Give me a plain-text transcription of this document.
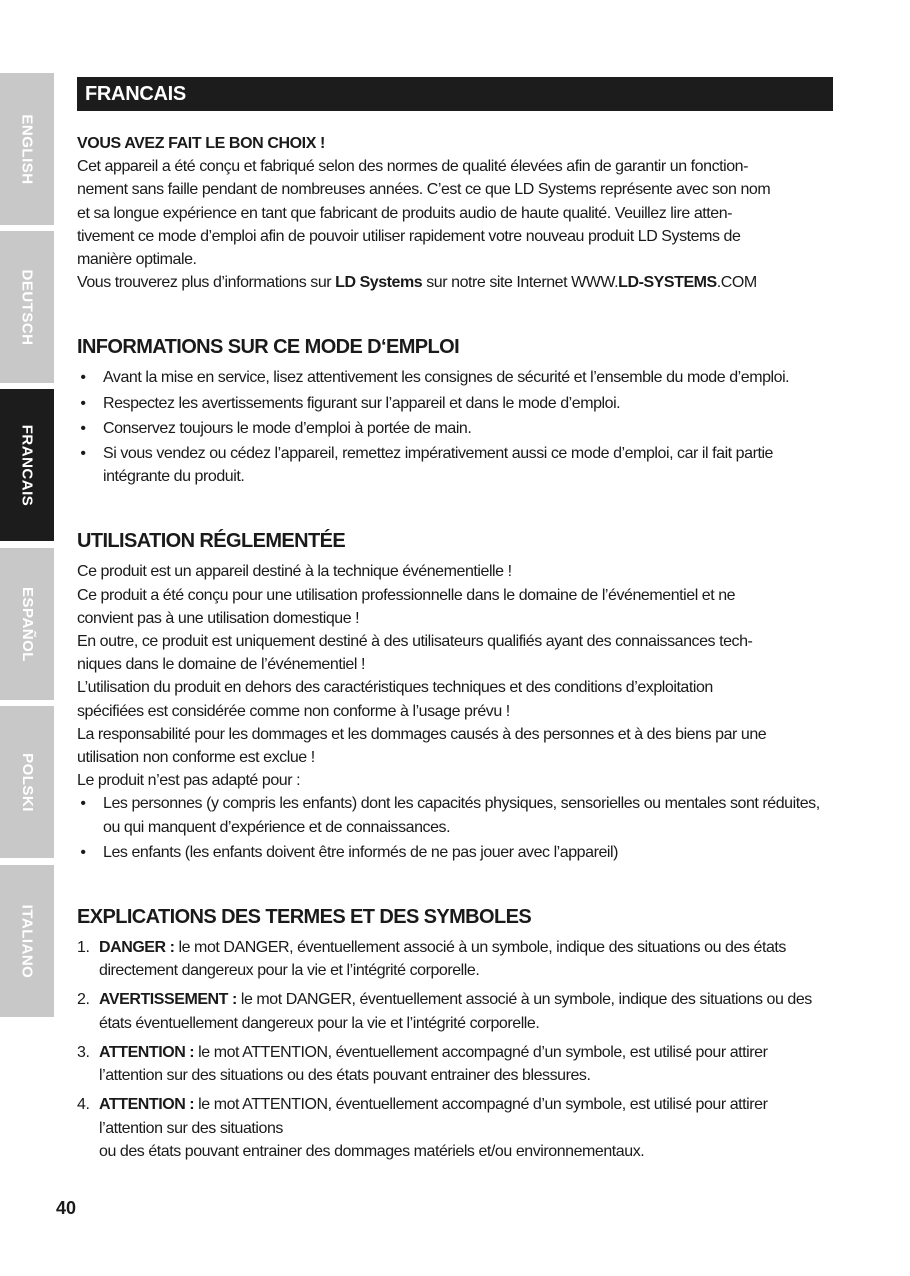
ENGLISH
DEUTSCH
FRANCAIS
ESPAÑOL
POLSKI
ITALIANO
FRANCAIS

VOUS AVEZ FAIT LE BON CHOIX !

Cet appareil a été conçu et fabriqué selon des normes de qualité élevées afin de garantir un fonction-

nement sans faille pendant de nombreuses années. C’est ce que LD Systems représente avec son nom

et sa longue expérience en tant que fabricant de produits audio de haute qualité. Veuillez lire atten-

tivement ce mode d’emploi afin de pouvoir utiliser rapidement votre nouveau produit LD Systems de

manière optimale.

Vous trouverez plus d’informations sur LD Systems sur notre site Internet WWW.LD-SYSTEMS.COM

INFORMATIONS SUR CE MODE D‘EMPLOI
• Avant la mise en service, lisez attentivement les consignes de sécurité et l’ensemble du mode d’emploi.
• Respectez les avertissements figurant sur l’appareil et dans le mode d’emploi.
• Conservez toujours le mode d’emploi à portée de main.
• Si vous vendez ou cédez l’appareil, remettez impérativement aussi ce mode d’emploi, car il fait partie intégrante du produit.
UTILISATION RÉGLEMENTÉE

Ce produit est un appareil destiné à la technique événementielle !

Ce produit a été conçu pour une utilisation professionnelle dans le domaine de l’événementiel et ne

convient pas à une utilisation domestique !

En outre, ce produit est uniquement destiné à des utilisateurs qualifiés ayant des connaissances tech-

niques dans le domaine de l’événementiel !

L’utilisation du produit en dehors des caractéristiques techniques et des conditions d’exploitation

spécifiées est considérée comme non conforme à l’usage prévu !

La responsabilité pour les dommages et les dommages causés à des personnes et à des biens par une

utilisation non conforme est exclue !

Le produit n’est pas adapté pour :

• Les personnes (y compris les enfants) dont les capacités physiques, sensorielles ou mentales sont réduites, ou qui manquent d’expérience et de connaissances.
• Les enfants (les enfants doivent être informés de ne pas jouer avec l’appareil)
EXPLICATIONS DES TERMES ET DES SYMBOLES
1. DANGER : le mot DANGER, éventuellement associé à un symbole, indique des situations ou des états directement dangereux pour la vie et l’intégrité corporelle.
2. AVERTISSEMENT : le mot DANGER, éventuellement associé à un symbole, indique des situations ou des états éventuellement dangereux pour la vie et l’intégrité corporelle.
3. ATTENTION : le mot ATTENTION, éventuellement accompagné d’un symbole, est utilisé pour attirer l’attention sur des situations ou des états pouvant entrainer des blessures.
4. ATTENTION : le mot ATTENTION, éventuellement accompagné d’un symbole, est utilisé pour attirer l’attention sur des situations
ou des états pouvant entrainer des dommages matériels et/ou environnementaux.
40
